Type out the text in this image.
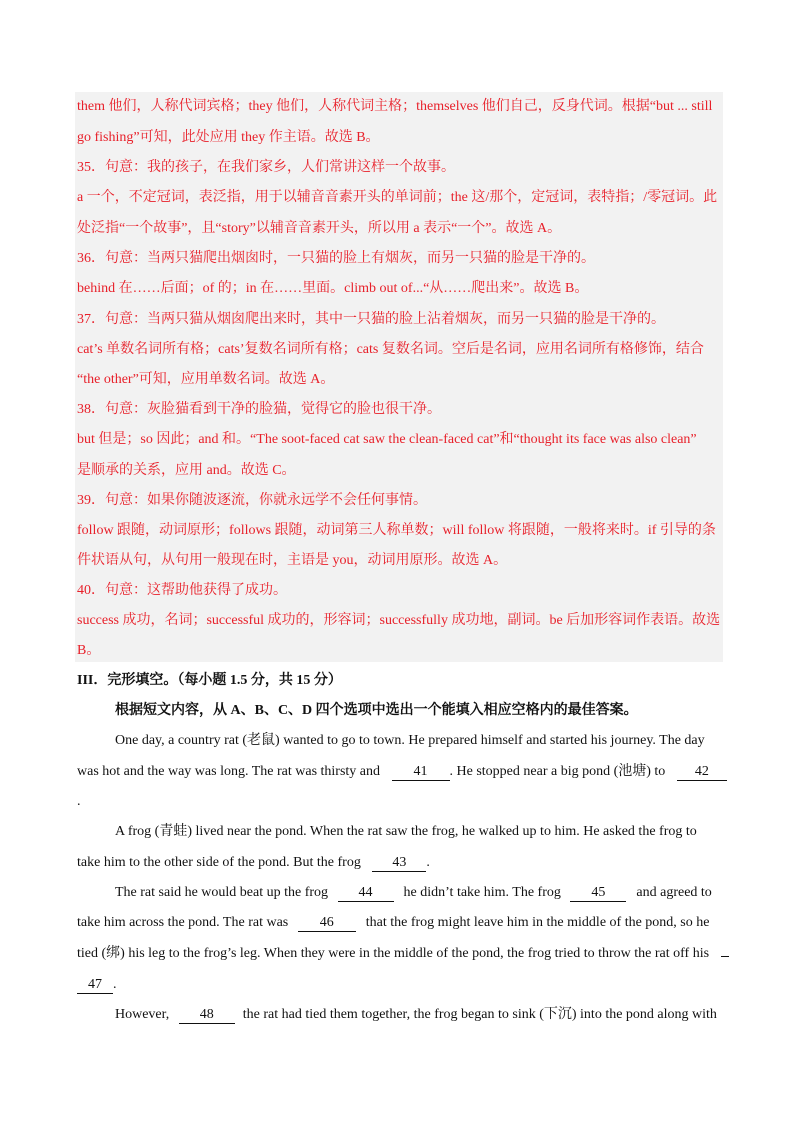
them 他们，人称代词宾格；they 他们，人称代词主格；themselves 他们自己，反身代词。根据“but ... still
go fishing”可知，此处应用 they 作主语。故选 B。
35．句意：我的孩子，在我们家乡，人们常讲这样一个故事。
a 一个，不定冠词，表泛指，用于以辅音音素开头的单词前；the 这/那个，定冠词，表特指；/零冠词。此
处泛指“一个故事”，且“story”以辅音音素开头，所以用 a 表示“一个”。故选 A。
36．句意：当两只猫爬出烟囱时，一只猫的脸上有烟灰，而另一只猫的脸是干净的。
behind 在……后面；of 的；in 在……里面。climb out of...“从……爬出来”。故选 B。
37．句意：当两只猫从烟囱爬出来时，其中一只猫的脸上沾着烟灰，而另一只猫的脸是干净的。
cat’s 单数名词所有格；cats’复数名词所有格；cats 复数名词。空后是名词，应用名词所有格修饰，结合
“the other”可知，应用单数名词。故选 A。
38．句意：灰脸猫看到干净的脸猫，觉得它的脸也很干净。
but 但是；so 因此；and 和。“The soot-faced cat saw the clean-faced cat”和“thought its face was also clean”
是顺承的关系，应用 and。故选 C。
39．句意：如果你随波逐流，你就永远学不会任何事情。
follow 跟随，动词原形；follows 跟随，动词第三人称单数；will follow 将跟随，一般将来时。if 引导的条
件状语从句，从句用一般现在时，主语是 you，动词用原形。故选 A。
40．句意：这帮助他获得了成功。
success 成功，名词；successful 成功的，形容词；successfully 成功地，副词。be 后加形容词作表语。故选
B。
III．完形填空。（每小题 1.5 分，共 15 分）
根据短文内容，从 A、B、C、D 四个选项中选出一个能填入相应空格内的最佳答案。
One day, a country rat (老鼠) wanted to go to town. He prepared himself and started his journey. The day
was hot and the way was long. The rat was thirsty and 41 . He stopped near a big pond (池塘) to 42
.
A frog (青蛙) lived near the pond. When the rat saw the frog, he walked up to him. He asked the frog to
take him to the other side of the pond. But the frog 43 .
The rat said he would beat up the frog 44 he didn’t take him. The frog 45 and agreed to
take him across the pond. The rat was 46 that the frog might leave him in the middle of the pond, so he
tied (绑) his leg to the frog’s leg. When they were in the middle of the pond, the frog tried to throw the rat off his
47 .
However, 48 the rat had tied them together, the frog began to sink (下沉) into the pond along with
